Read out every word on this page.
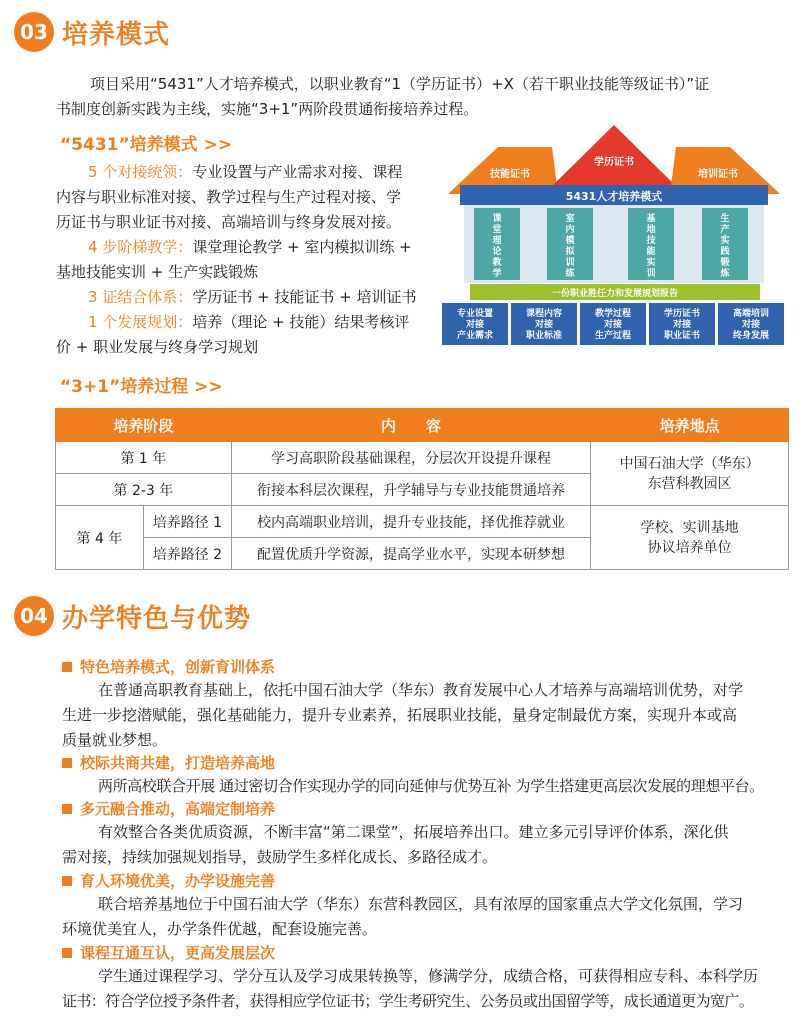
03 培养模式
项目采用“5431”人才培养模式，以职业教育“1（学历证书）+X（若干职业技能等级证书）”证
书制度创新实践为主线，实施“3+1”两阶段贯通衔接培养过程。
“5431”培养模式 >>
5 个对接统领：专业设置与产业需求对接、课程
内容与职业标准对接、教学过程与生产过程对接、学
历证书与职业证书对接、高端培训与终身发展对接。
4 步阶梯教学：课堂理论教学 + 室内模拟训练 +
基地技能实训 + 生产实践锻炼
3 证结合体系：学历证书 + 技能证书 + 培训证书
1 个发展规划：培养（理论 + 技能）结果考核评
价 + 职业发展与终身学习规划
技能证书
学历证书
培训证书
5431人才培养模式
课堂理论教学
室内模拟训练
基地技能实训
生产实践锻炼
一份职业胜任力和发展规划报告
专业设置对接产业需求
课程内容对接职业标准
教学过程对接生产过程
学历证书对接职业证书
高端培训对接终身发展
“3+1”培养过程 >>
培养阶段		内　　容	培养地点
第 1 年		学习高职阶段基础课程，分层次开设提升课程	中国石油大学（华东）
东营科教园区

第 2-3 年		衔接本科层次课程，升学辅导与专业技能贯通培养	
第 4 年	培养路径 1	校内高端职业培训，提升专业技能，择优推荐就业	学校、实训基地
协议培养单位

	培养路径 2	配置优质升学资源，提高学业水平，实现本研梦想	
04 办学特色与优势
特色培养模式，创新育训体系
在普通高职教育基础上，依托中国石油大学（华东）教育发展中心人才培养与高端培训优势，对学
生进一步挖潜赋能，强化基础能力，提升专业素养，拓展职业技能，量身定制最优方案，实现升本或高
质量就业梦想。
校际共商共建，打造培养高地
两所高校联合开展 通过密切合作实现办学的同向延伸与优势互补 为学生搭建更高层次发展的理想平台。
多元融合推动，高端定制培养
有效整合各类优质资源，不断丰富“第二课堂”，拓展培养出口。建立多元引导评价体系，深化供
需对接，持续加强规划指导，鼓励学生多样化成长、多路径成才。
育人环境优美，办学设施完善
联合培养基地位于中国石油大学（华东）东营科教园区，具有浓厚的国家重点大学文化氛围，学习
环境优美宜人，办学条件优越，配套设施完善。
课程互通互认，更高发展层次
学生通过课程学习、学分互认及学习成果转换等，修满学分，成绩合格，可获得相应专科、本科学历
证书：符合学位授予条件者，获得相应学位证书；学生考研究生、公务员或出国留学等，成长通道更为宽广。
